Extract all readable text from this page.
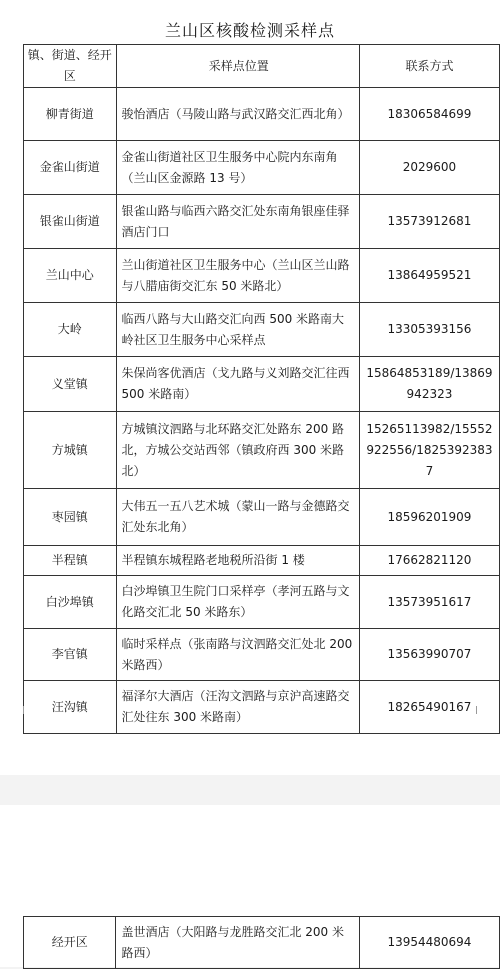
兰山区核酸检测采样点
镇、街道、经开区	采样点位置	联系方式
柳青街道	骏怡酒店（马陵山路与武汉路交汇西北角）	18306584699
金雀山街道	金雀山街道社区卫生服务中心院内东南角（兰山区金源路 13 号）	2029600
银雀山街道	银雀山路与临西六路交汇处东南角银座佳驿酒店门口	13573912681
兰山中心	兰山街道社区卫生服务中心（兰山区兰山路与八腊庙街交汇东 50 米路北）	13864959521
大岭	临西八路与大山路交汇向西 500 米路南大岭社区卫生服务中心采样点	13305393156
义堂镇	朱保尚客优酒店（戈九路与义刘路交汇往西 500 米路南）	15864853189/13869942323
方城镇	方城镇汶泗路与北环路交汇处路东 200 路北，方城公交站西邻（镇政府西 300 米路北）	15265113982/15552922556/18253923837
枣园镇	大伟五一五八艺术城（蒙山一路与金德路交汇处东北角）	18596201909
半程镇	半程镇东城程路老地税所沿街 1 楼	17662821120
白沙埠镇	白沙埠镇卫生院门口采样亭（孝河五路与文化路交汇北 50 米路东）	13573951617
李官镇	临时采样点（张南路与汶泗路交汇处北 200 米路西）	13563990707
汪沟镇	福泽尔大酒店（汪沟文泗路与京沪高速路交汇处往东 300 米路南）	18265490167
经开区	盖世酒店（大阳路与龙胜路交汇北 200 米路西）	13954480694
